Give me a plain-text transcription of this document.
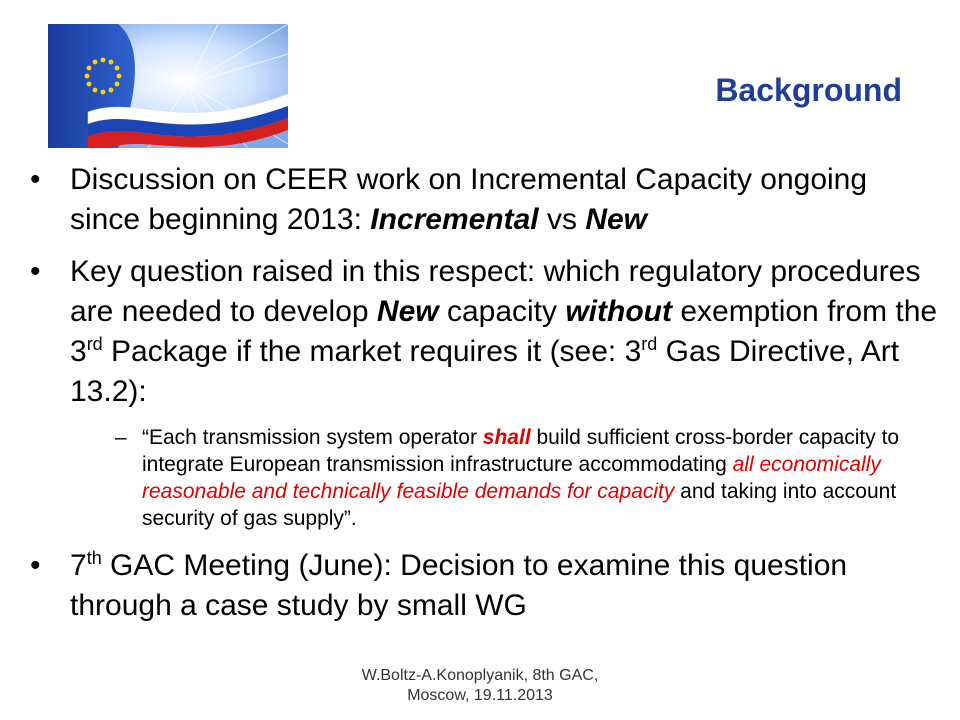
Background
• Discussion on CEER work on Incremental Capacity ongoing since beginning 2013: Incremental vs New
• Key question raised in this respect: which regulatory procedures are needed to develop New capacity without exemption from the 3rd Package if the market requires it (see: 3rd Gas Directive, Art 13.2):
– “Each transmission system operator shall build sufficient cross-border capacity to integrate European transmission infrastructure accommodating all economically reasonable and technically feasible demands for capacity and taking into account security of gas supply”.
• 7th GAC Meeting (June): Decision to examine this question through a case study by small WG
W.Boltz-A.Konoplyanik, 8th GAC,
Moscow, 19.11.2013
